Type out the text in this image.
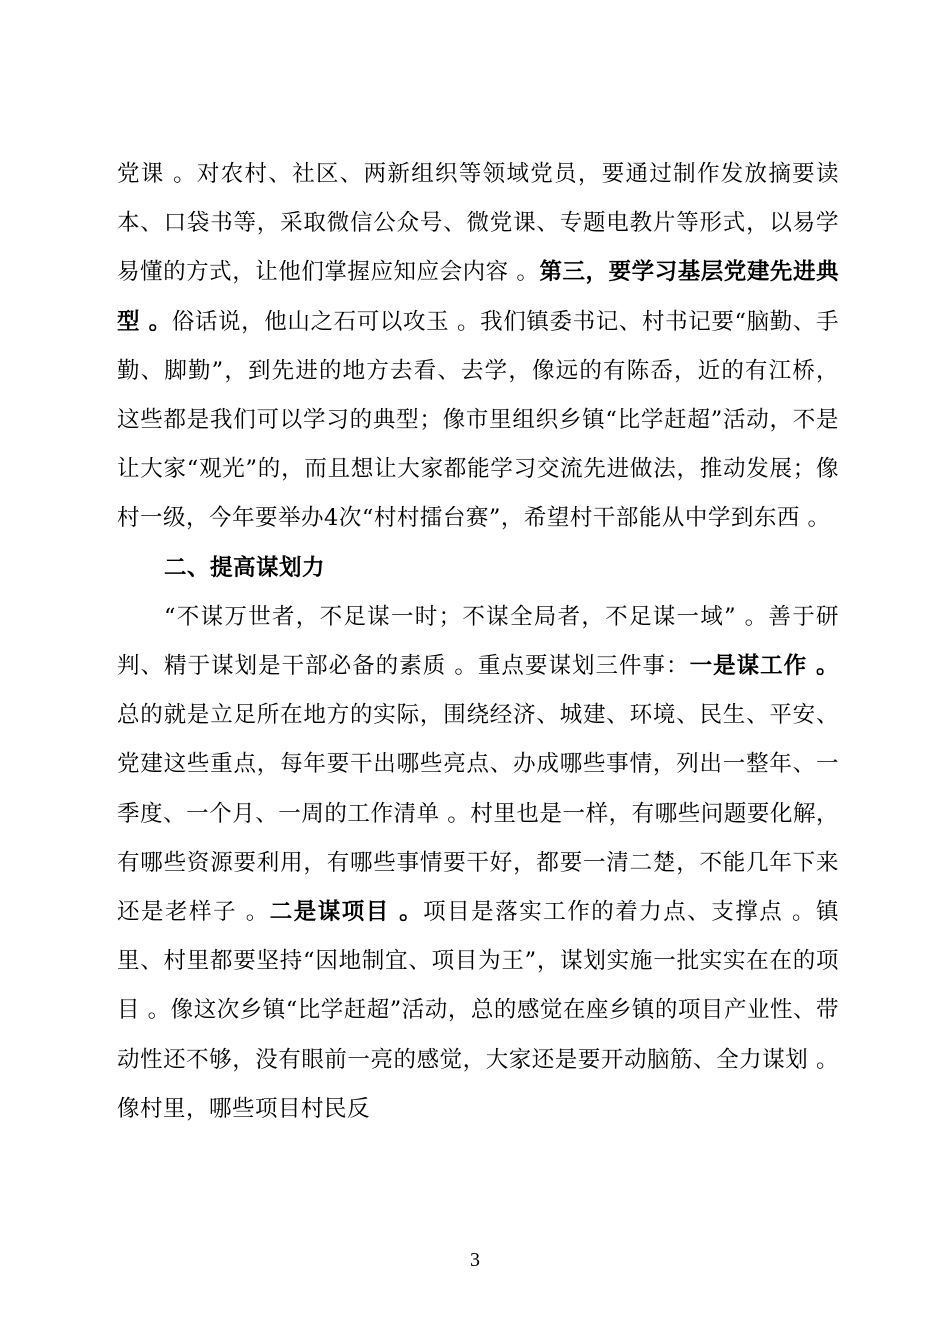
党课 。对农村、社区、两新组织等领域党员，要通过制作发放摘要读本、口袋书等，采取微信公众号、微党课、专题电教片等形式，以易学易懂的方式，让他们掌握应知应会内容 。第三，要学习基层党建先进典型 。俗话说，他山之石可以攻玉 。我们镇委书记、村书记要“脑勤、手勤、脚勤”，到先进的地方去看、去学，像远的有陈岙，近的有江桥，这些都是我们可以学习的典型；像市里组织乡镇“比学赶超”活动，不是让大家“观光”的，而且想让大家都能学习交流先进做法，推动发展；像村一级，今年要举办4次“村村擂台赛”，希望村干部能从中学到东西 。

二、提高谋划力

“不谋万世者，不足谋一时；不谋全局者，不足谋一域” 。善于研判、精于谋划是干部必备的素质 。重点要谋划三件事：一是谋工作 。总的就是立足所在地方的实际，围绕经济、城建、环境、民生、平安、党建这些重点，每年要干出哪些亮点、办成哪些事情，列出一整年、一季度、一个月、一周的工作清单 。村里也是一样，有哪些问题要化解，有哪些资源要利用，有哪些事情要干好，都要一清二楚，不能几年下来还是老样子 。二是谋项目 。项目是落实工作的着力点、支撑点 。镇里、村里都要坚持“因地制宜、项目为王”，谋划实施一批实实在在的项目 。像这次乡镇“比学赶超”活动，总的感觉在座乡镇的项目产业性、带动性还不够，没有眼前一亮的感觉，大家还是要开动脑筋、全力谋划 。像村里，哪些项目村民反

3
